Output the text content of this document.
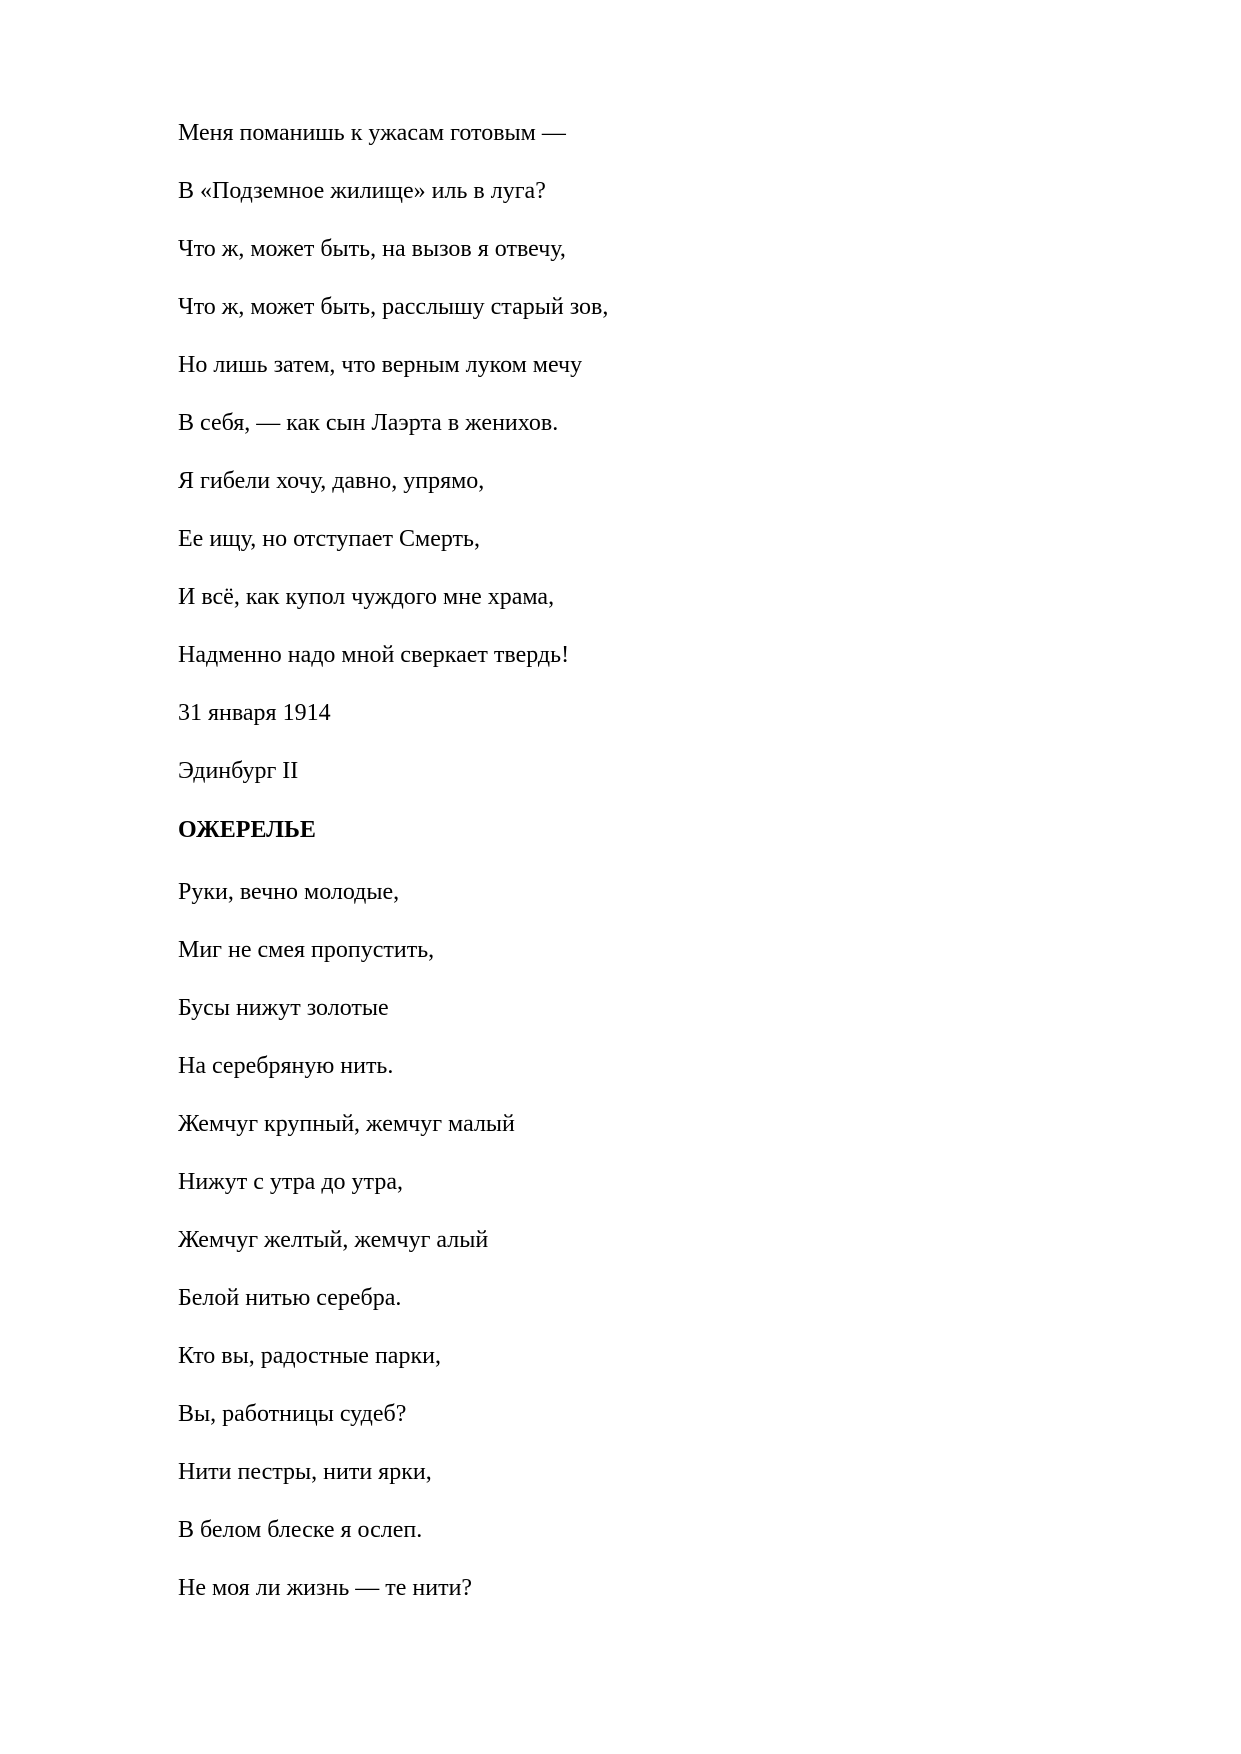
Меня поманишь к ужасам готовым —
В «Подземное жилище» иль в луга?
Что ж, может быть, на вызов я отвечу,
Что ж, может быть, расслышу старый зов,
Но лишь затем, что верным луком мечу
В себя, — как сын Лаэрта в женихов.
Я гибели хочу, давно, упрямо,
Ее ищу, но отступает Смерть,
И всё, как купол чуждого мне храма,
Надменно надо мной сверкает твердь!
31 января 1914
Эдинбург II
ОЖЕРЕЛЬЕ
Руки, вечно молодые,
Миг не смея пропустить,
Бусы нижут золотые
На серебряную нить.
Жемчуг крупный, жемчуг малый
Нижут с утра до утра,
Жемчуг желтый, жемчуг алый
Белой нитью серебра.
Кто вы, радостные парки,
Вы, работницы судеб?
Нити пестры, нити ярки,
В белом блеске я ослеп.
Не моя ли жизнь — те нити?
